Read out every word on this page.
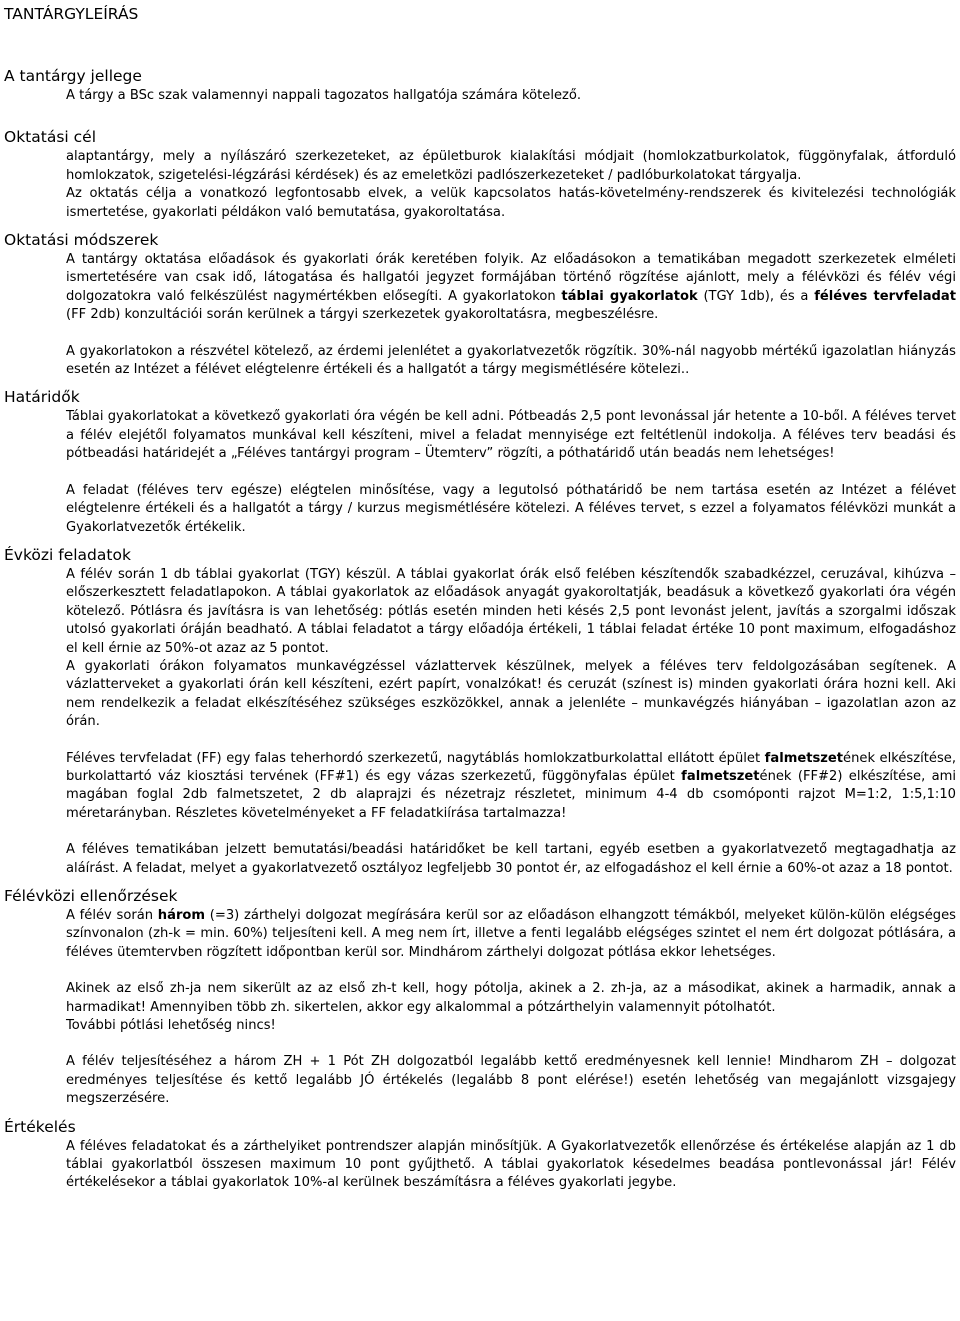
TANTÁRGYLEÍRÁS
A tantárgy jellege

A tárgy a BSc szak valamennyi nappali tagozatos hallgatója számára kötelező.

Oktatási cél

alaptantárgy, mely a nyílászáró szerkezeteket, az épületburok kialakítási módjait (homlokzatburkolatok, függönyfalak, átforduló homlokzatok, szigetelési-légzárási kérdések) és az emeletközi padlószerkezeteket / padlóburkolatokat tárgyalja.

Az oktatás célja a vonatkozó legfontosabb elvek, a velük kapcsolatos hatás-követelmény-rendszerek és kivitelezési technológiák ismertetése, gyakorlati példákon való bemutatása, gyakoroltatása.

Oktatási módszerek

A tantárgy oktatása előadások és gyakorlati órák keretében folyik. Az előadásokon a tematikában megadott szerkezetek elméleti ismertetésére van csak idő, látogatása és hallgatói jegyzet formájában történő rögzítése ajánlott, mely a félévközi és félév végi dolgozatokra való felkészülést nagymértékben elősegíti. A gyakorlatokon táblai gyakorlatok (TGY 1db), és a féléves tervfeladat (FF 2db) konzultációi során kerülnek a tárgyi szerkezetek gyakoroltatásra, megbeszélésre.

A gyakorlatokon a részvétel kötelező, az érdemi jelenlétet a gyakorlatvezetők rögzítik. 30%-nál nagyobb mértékű igazolatlan hiányzás esetén az Intézet a félévet elégtelenre értékeli és a hallgatót a tárgy megismétlésére kötelezi..

Határidők

Táblai gyakorlatokat a következő gyakorlati óra végén be kell adni. Pótbeadás 2,5 pont levonással jár hetente a 10-ből. A féléves tervet a félév elejétől folyamatos munkával kell készíteni, mivel a feladat mennyisége ezt feltétlenül indokolja. A féléves terv beadási és pótbeadási határidejét a „Féléves tantárgyi program – Ütemterv” rögzíti, a póthatáridő után beadás nem lehetséges!

A feladat (féléves terv egésze) elégtelen minősítése, vagy a legutolsó póthatáridő be nem tartása esetén az Intézet a félévet elégtelenre értékeli és a hallgatót a tárgy / kurzus megismétlésére kötelezi. A féléves tervet, s ezzel a folyamatos félévközi munkát a Gyakorlatvezetők értékelik.

Évközi feladatok

A félév során 1 db táblai gyakorlat (TGY) készül. A táblai gyakorlat órák első felében készítendők szabadkézzel, ceruzával, kihúzva – előszerkesztett feladatlapokon. A táblai gyakorlatok az előadások anyagát gyakoroltatják, beadásuk a következő gyakorlati óra végén kötelező. Pótlásra és javításra is van lehetőség: pótlás esetén minden heti késés 2,5 pont levonást jelent, javítás a szorgalmi időszak utolsó gyakorlati óráján beadható. A táblai feladatot a tárgy előadója értékeli, 1 táblai feladat értéke 10 pont maximum, elfogadáshoz el kell érnie az 50%-ot azaz az 5 pontot.

A gyakorlati órákon folyamatos munkavégzéssel vázlattervek készülnek, melyek a féléves terv feldolgozásában segítenek. A vázlatterveket a gyakorlati órán kell készíteni, ezért papírt, vonalzókat! és ceruzát (színest is) minden gyakorlati órára hozni kell. Aki nem rendelkezik a feladat elkészítéséhez szükséges eszközökkel, annak a jelenléte – munkavégzés hiányában – igazolatlan azon az órán.

Féléves tervfeladat (FF) egy falas teherhordó szerkezetű, nagytáblás homlokzatburkolattal ellátott épület falmetszetének elkészítése, burkolattartó váz kiosztási tervének (FF#1) és egy vázas szerkezetű, függönyfalas épület falmetszetének (FF#2) elkészítése, ami magában foglal 2db falmetszetet, 2 db alaprajzi és nézetrajz részletet, minimum 4-4 db csomóponti rajzot M=1:2, 1:5,1:10 méretarányban. Részletes követelményeket a FF feladatkiírása tartalmazza!

A féléves tematikában jelzett bemutatási/beadási határidőket be kell tartani, egyéb esetben a gyakorlatvezető megtagadhatja az aláírást. A feladat, melyet a gyakorlatvezető osztályoz legfeljebb 30 pontot ér, az elfogadáshoz el kell érnie a 60%-ot azaz a 18 pontot.

Félévközi ellenőrzések

A félév során három (=3) zárthelyi dolgozat megírására kerül sor az előadáson elhangzott témákból, melyeket külön-külön elégséges színvonalon (zh-k = min. 60%) teljesíteni kell. A meg nem írt, illetve a fenti legalább elégséges szintet el nem ért dolgozat pótlására, a féléves ütemtervben rögzített időpontban kerül sor. Mindhárom zárthelyi dolgozat pótlása ekkor lehetséges.

Akinek az első zh-ja nem sikerült az az első zh-t kell, hogy pótolja, akinek a 2. zh-ja, az a másodikat, akinek a harmadik, annak a harmadikat! Amennyiben több zh. sikertelen, akkor egy alkalommal a pótzárthelyin valamennyit pótolhatót.

További pótlási lehetőség nincs!

A félév teljesítéséhez a három ZH + 1 Pót ZH dolgozatból legalább kettő eredményesnek kell lennie! Mindharom ZH – dolgozat eredményes teljesítése és kettő legalább JÓ értékelés (legalább 8 pont elérése!) esetén lehetőség van megajánlott vizsgajegy megszerzésére.

Értékelés

A féléves feladatokat és a zárthelyiket pontrendszer alapján minősítjük. A Gyakorlatvezetők ellenőrzése és értékelése alapján az 1 db táblai gyakorlatból összesen maximum 10 pont gyűjthető. A táblai gyakorlatok késedelmes beadása pontlevonással jár! Félév értékelésekor a táblai gyakorlatok 10%-al kerülnek beszámításra a féléves gyakorlati jegybe.
